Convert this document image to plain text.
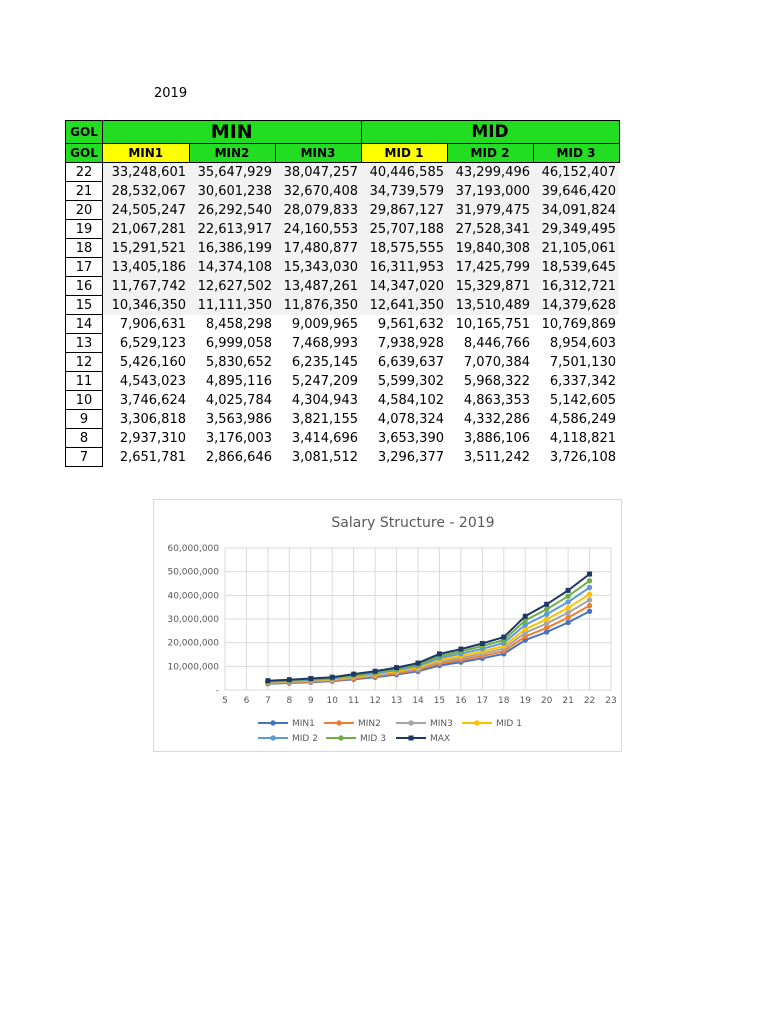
2019
GOL	MIN			MID		
GOL	MIN1	MIN2	MIN3	MID 1	MID 2	MID 3
22	33,248,601	35,647,929	38,047,257	40,446,585	43,299,496	46,152,407
21	28,532,067	30,601,238	32,670,408	34,739,579	37,193,000	39,646,420
20	24,505,247	26,292,540	28,079,833	29,867,127	31,979,475	34,091,824
19	21,067,281	22,613,917	24,160,553	25,707,188	27,528,341	29,349,495
18	15,291,521	16,386,199	17,480,877	18,575,555	19,840,308	21,105,061
17	13,405,186	14,374,108	15,343,030	16,311,953	17,425,799	18,539,645
16	11,767,742	12,627,502	13,487,261	14,347,020	15,329,871	16,312,721
15	10,346,350	11,111,350	11,876,350	12,641,350	13,510,489	14,379,628
14	7,906,631	8,458,298	9,009,965	9,561,632	10,165,751	10,769,869
13	6,529,123	6,999,058	7,468,993	7,938,928	8,446,766	8,954,603
12	5,426,160	5,830,652	6,235,145	6,639,637	7,070,384	7,501,130
11	4,543,023	4,895,116	5,247,209	5,599,302	5,968,322	6,337,342
10	3,746,624	4,025,784	4,304,943	4,584,102	4,863,353	5,142,605
9	3,306,818	3,563,986	3,821,155	4,078,324	4,332,286	4,586,249
8	2,937,310	3,176,003	3,414,696	3,653,390	3,886,106	4,118,821
7	2,651,781	2,866,646	3,081,512	3,296,377	3,511,242	3,726,108
Salary Structure - 2019
5 6 7 8 9 10 11 12 13 14 15 16 17 18 19 20 21 22 23
-
10,000,000
20,000,000
30,000,000
40,000,000
50,000,000
60,000,000
MIN1	MIN2	MIN3	MID 1
MID 2	MID 3	MAX
